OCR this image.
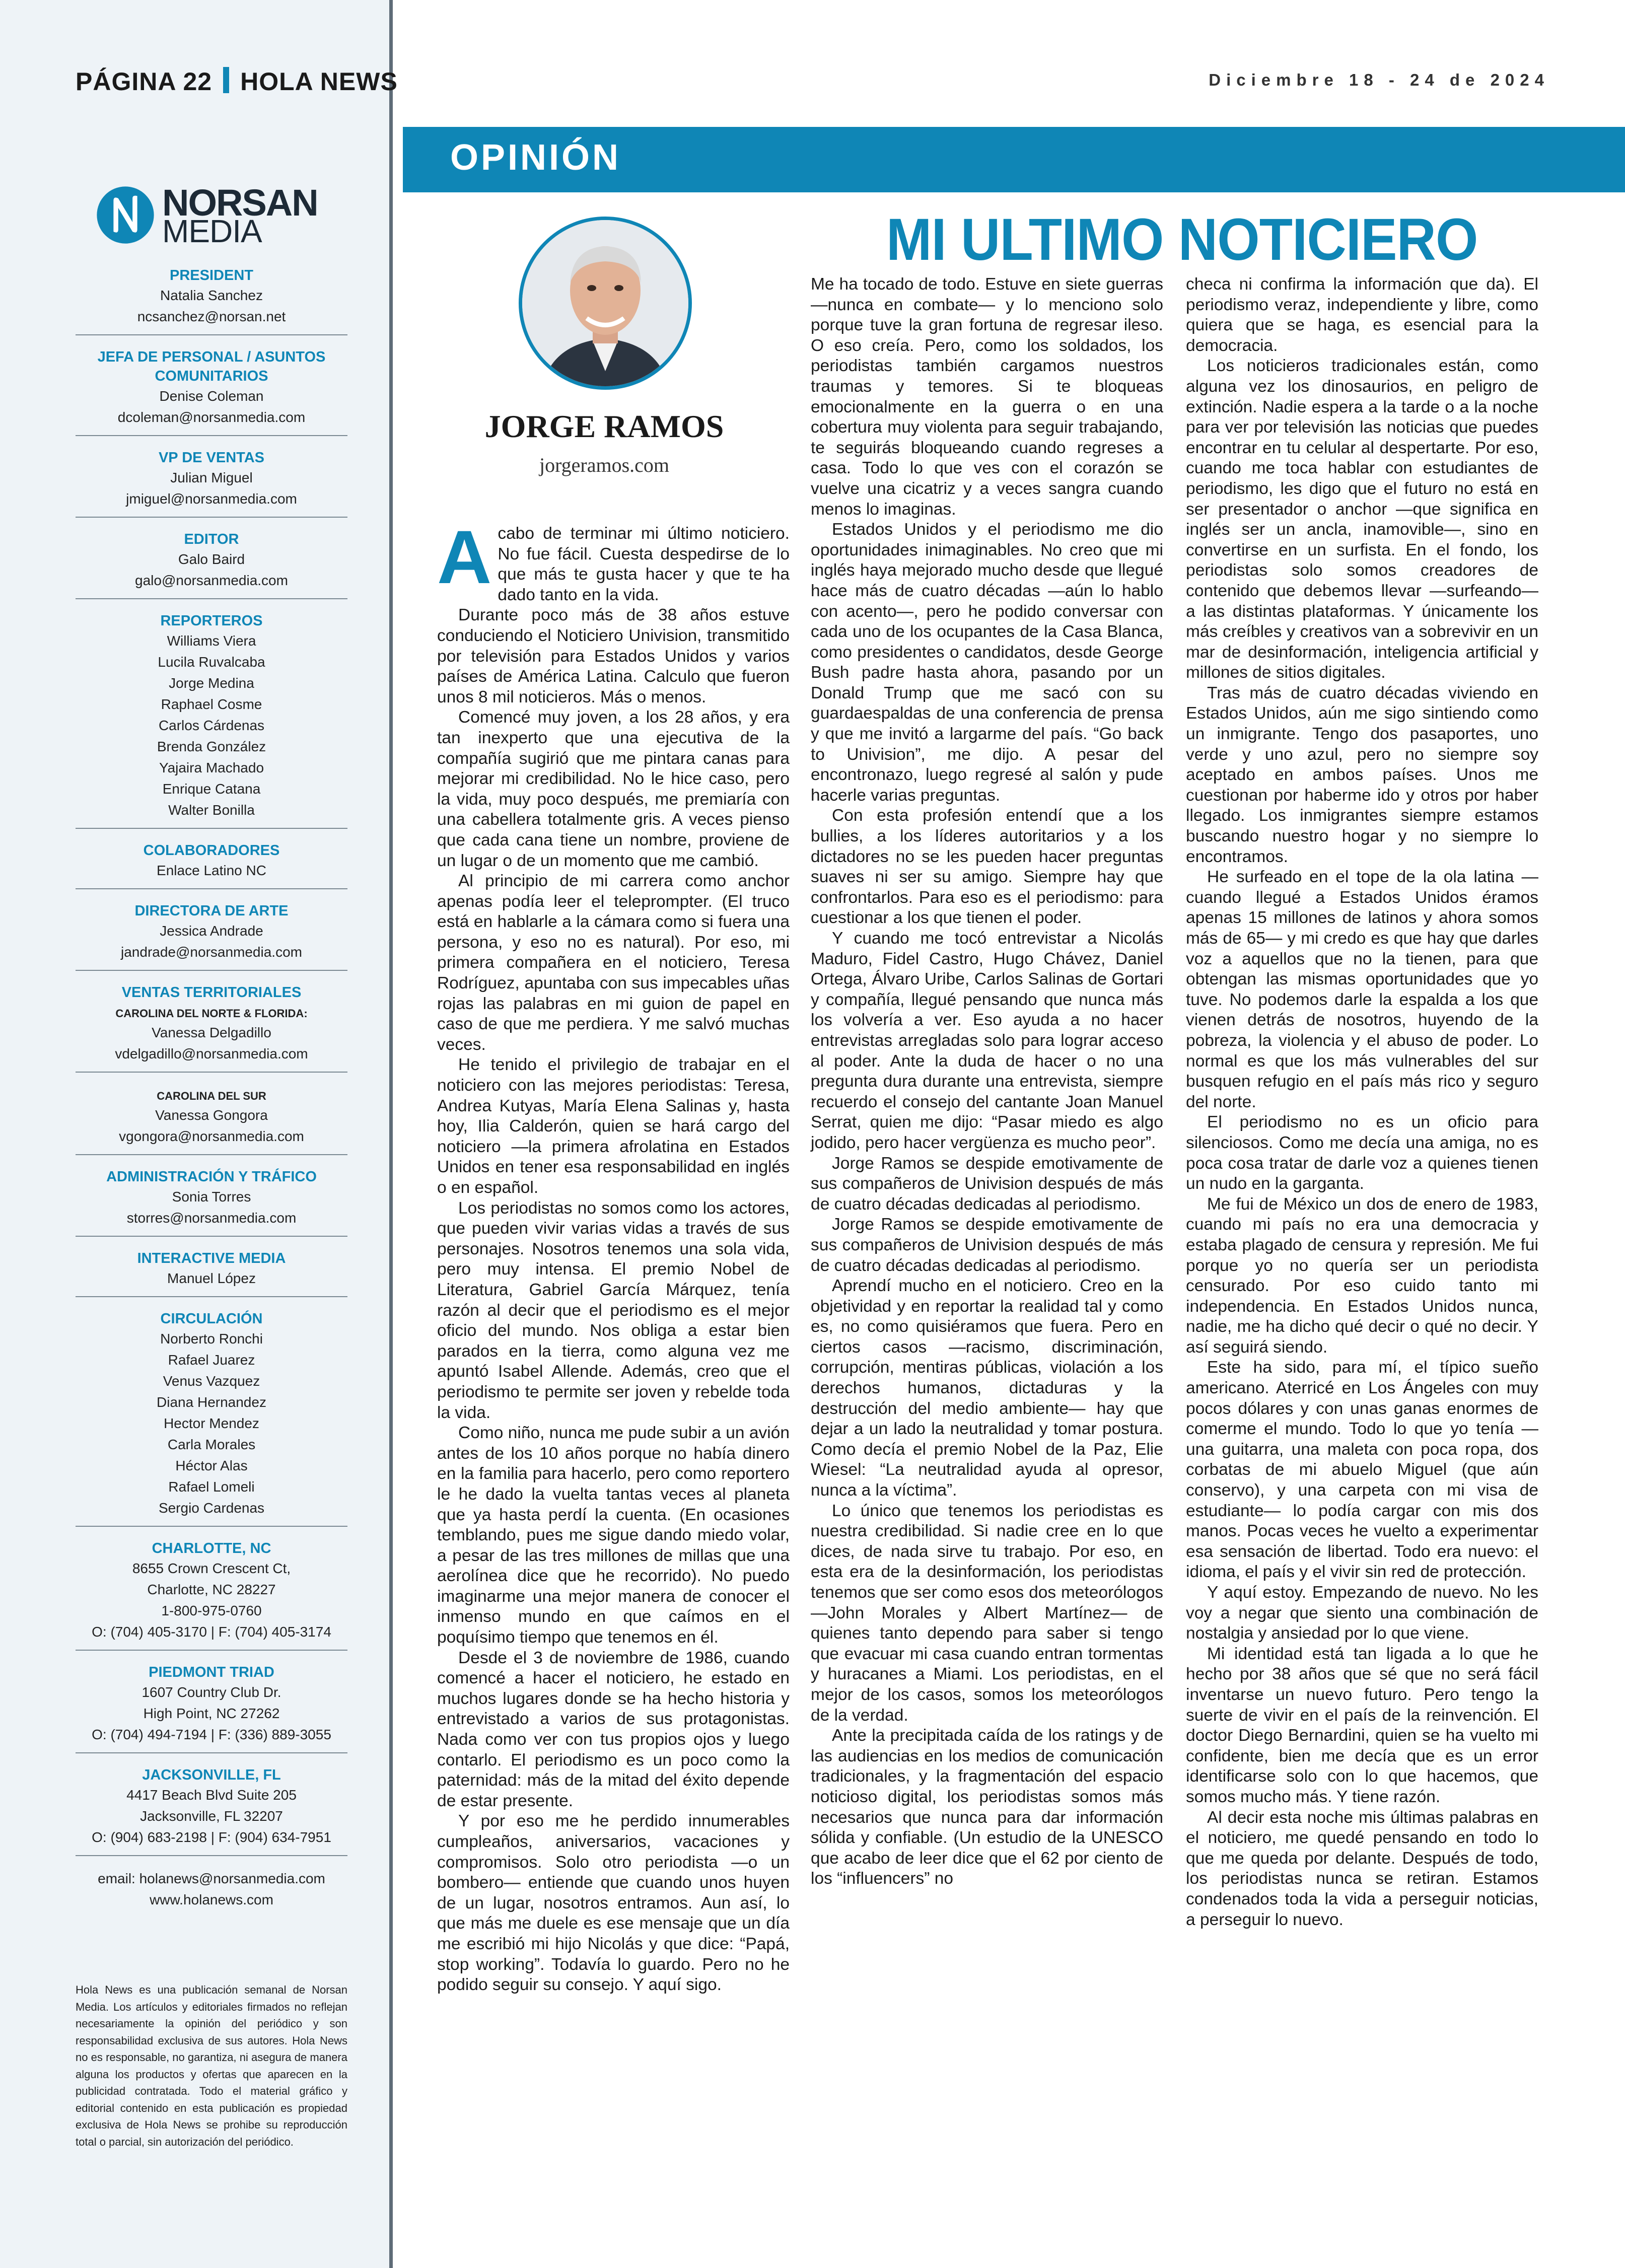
PÁGINA 22 HOLA NEWS
NORSAN
MEDIA
PRESIDENT
Natalia Sanchez
ncsanchez@norsan.net
JEFA DE PERSONAL / ASUNTOS COMUNITARIOS
Denise Coleman
dcoleman@norsanmedia.com
VP DE VENTAS
Julian Miguel
jmiguel@norsanmedia.com
EDITOR
Galo Baird
galo@norsanmedia.com
REPORTEROS
Williams Viera
Lucila Ruvalcaba
Jorge Medina
Raphael Cosme
Carlos Cárdenas
Brenda González
Yajaira Machado
Enrique Catana
Walter Bonilla
COLABORADORES
Enlace Latino NC
DIRECTORA DE ARTE
Jessica Andrade
jandrade@norsanmedia.com
VENTAS TERRITORIALES
CAROLINA DEL NORTE & FLORIDA:
Vanessa Delgadillo
vdelgadillo@norsanmedia.com
CAROLINA DEL SUR
Vanessa Gongora
vgongora@norsanmedia.com
ADMINISTRACIÓN Y TRÁFICO
Sonia Torres
storres@norsanmedia.com
INTERACTIVE MEDIA
Manuel López
CIRCULACIÓN
Norberto Ronchi
Rafael Juarez
Venus Vazquez
Diana Hernandez
Hector Mendez
Carla Morales
Héctor Alas
Rafael Lomeli
Sergio Cardenas
CHARLOTTE, NC
8655 Crown Crescent Ct,
Charlotte, NC 28227
1-800-975-0760
O: (704) 405-3170 | F: (704) 405-3174
PIEDMONT TRIAD
1607 Country Club Dr.
High Point, NC 27262
O: (704) 494-7194 | F: (336) 889-3055
JACKSONVILLE, FL
4417 Beach Blvd Suite 205
Jacksonville, FL 32207
O: (904) 683-2198 | F: (904) 634-7951
email: holanews@norsanmedia.com
www.holanews.com
Hola News es una publicación semanal de Norsan Media. Los artículos y editoriales firmados no reflejan necesariamente la opinión del periódico y son responsabilidad exclusiva de sus autores. Hola News no es responsable, no garantiza, ni asegura de manera alguna los productos y ofertas que aparecen en la publicidad contratada. Todo el material gráfico y editorial contenido en esta publicación es propiedad exclusiva de Hola News se prohibe su reproducción total o parcial, sin autorización del periódico.
Diciembre 18 - 24 de 2024
OPINIÓN
MI ULTIMO NOTICIERO
JORGE RAMOS
jorgeramos.com

Acabo de terminar mi último noticiero. No fue fácil. Cuesta despedirse de lo que más te gusta hacer y que te ha dado tanto en la vida.

Durante poco más de 38 años estuve conduciendo el Noticiero Univision, transmitido por televisión para Estados Unidos y varios países de América Latina. Calculo que fueron unos 8 mil noticieros. Más o menos.

Comencé muy joven, a los 28 años, y era tan inexperto que una ejecutiva de la compañía sugirió que me pintara canas para mejorar mi credibilidad. No le hice caso, pero la vida, muy poco después, me premiaría con una cabellera totalmente gris. A veces pienso que cada cana tiene un nombre, proviene de un lugar o de un momento que me cambió.

Al principio de mi carrera como anchor apenas podía leer el teleprompter. (El truco está en hablarle a la cámara como si fuera una persona, y eso no es natural). Por eso, mi primera compañera en el noticiero, Teresa Rodríguez, apuntaba con sus impecables uñas rojas las palabras en mi guion de papel en caso de que me perdiera. Y me salvó muchas veces.

He tenido el privilegio de trabajar en el noticiero con las mejores periodistas: Teresa, Andrea Kutyas, María Elena Salinas y, hasta hoy, Ilia Calderón, quien se hará cargo del noticiero —la primera afrolatina en Estados Unidos en tener esa responsabilidad en inglés o en español.

Los periodistas no somos como los actores, que pueden vivir varias vidas a través de sus personajes. Nosotros tenemos una sola vida, pero muy intensa. El premio Nobel de Literatura, Gabriel García Márquez, tenía razón al decir que el periodismo es el mejor oficio del mundo. Nos obliga a estar bien parados en la tierra, como alguna vez me apuntó Isabel Allende. Además, creo que el periodismo te permite ser joven y rebelde toda la vida.

Como niño, nunca me pude subir a un avión antes de los 10 años porque no había dinero en la familia para hacerlo, pero como reportero le he dado la vuelta tantas veces al planeta que ya hasta perdí la cuenta. (En ocasiones temblando, pues me sigue dando miedo volar, a pesar de las tres millones de millas que una aerolínea dice que he recorrido). No puedo imaginarme una mejor manera de conocer el inmenso mundo en que caímos en el poquísimo tiempo que tenemos en él.

Desde el 3 de noviembre de 1986, cuando comencé a hacer el noticiero, he estado en muchos lugares donde se ha hecho historia y entrevistado a varios de sus protagonistas. Nada como ver con tus propios ojos y luego contarlo. El periodismo es un poco como la paternidad: más de la mitad del éxito depende de estar presente.

Y por eso me he perdido innumerables cumpleaños, aniversarios, vacaciones y compromisos. Solo otro periodista —o un bombero— entiende que cuando unos huyen de un lugar, nosotros entramos. Aun así, lo que más me duele es ese mensaje que un día me escribió mi hijo Nicolás y que dice: “Papá, stop working”. Todavía lo guardo. Pero no he podido seguir su consejo. Y aquí sigo.

Me ha tocado de todo. Estuve en siete guerras —nunca en combate— y lo menciono solo porque tuve la gran fortuna de regresar ileso. O eso creía. Pero, como los soldados, los periodistas también cargamos nuestros traumas y temores. Si te bloqueas emocionalmente en la guerra o en una cobertura muy violenta para seguir trabajando, te seguirás bloqueando cuando regreses a casa. Todo lo que ves con el corazón se vuelve una cicatriz y a veces sangra cuando menos lo imaginas.

Estados Unidos y el periodismo me dio oportunidades inimaginables. No creo que mi inglés haya mejorado mucho desde que llegué hace más de cuatro décadas —aún lo hablo con acento—, pero he podido conversar con cada uno de los ocupantes de la Casa Blanca, como presidentes o candidatos, desde George Bush padre hasta ahora, pasando por un Donald Trump que me sacó con su guardaespaldas de una conferencia de prensa y que me invitó a largarme del país. “Go back to Univision”, me dijo. A pesar del encontronazo, luego regresé al salón y pude hacerle varias preguntas.

Con esta profesión entendí que a los bullies, a los líderes autoritarios y a los dictadores no se les pueden hacer preguntas suaves ni ser su amigo. Siempre hay que confrontarlos. Para eso es el periodismo: para cuestionar a los que tienen el poder.

Y cuando me tocó entrevistar a Nicolás Maduro, Fidel Castro, Hugo Chávez, Daniel Ortega, Álvaro Uribe, Carlos Salinas de Gortari y compañía, llegué pensando que nunca más los volvería a ver. Eso ayuda a no hacer entrevistas arregladas solo para lograr acceso al poder. Ante la duda de hacer o no una pregunta dura durante una entrevista, siempre recuerdo el consejo del cantante Joan Manuel Serrat, quien me dijo: “Pasar miedo es algo jodido, pero hacer vergüenza es mucho peor”.

Jorge Ramos se despide emotivamente de sus compañeros de Univision después de más de cuatro décadas dedicadas al periodismo.

Jorge Ramos se despide emotivamente de sus compañeros de Univision después de más de cuatro décadas dedicadas al periodismo.

Aprendí mucho en el noticiero. Creo en la objetividad y en reportar la realidad tal y como es, no como quisiéramos que fuera. Pero en ciertos casos —racismo, discriminación, corrupción, mentiras públicas, violación a los derechos humanos, dictaduras y la destrucción del medio ambiente— hay que dejar a un lado la neutralidad y tomar postura. Como decía el premio Nobel de la Paz, Elie Wiesel: “La neutralidad ayuda al opresor, nunca a la víctima”.

Lo único que tenemos los periodistas es nuestra credibilidad. Si nadie cree en lo que dices, de nada sirve tu trabajo. Por eso, en esta era de la desinformación, los periodistas tenemos que ser como esos dos meteorólogos —John Morales y Albert Martínez— de quienes tanto dependo para saber si tengo que evacuar mi casa cuando entran tormentas y huracanes a Miami. Los periodistas, en el mejor de los casos, somos los meteorólogos de la verdad.

Ante la precipitada caída de los ratings y de las audiencias en los medios de comunicación tradicionales, y la fragmentación del espacio noticioso digital, los periodistas somos más necesarios que nunca para dar información sólida y confiable. (Un estudio de la UNESCO que acabo de leer dice que el 62 por ciento de los “influencers” no

checa ni confirma la información que da). El periodismo veraz, independiente y libre, como quiera que se haga, es esencial para la democracia.

Los noticieros tradicionales están, como alguna vez los dinosaurios, en peligro de extinción. Nadie espera a la tarde o a la noche para ver por televisión las noticias que puedes encontrar en tu celular al despertarte. Por eso, cuando me toca hablar con estudiantes de periodismo, les digo que el futuro no está en ser presentador o anchor —que significa en inglés ser un ancla, inamovible—, sino en convertirse en un surfista. En el fondo, los periodistas solo somos creadores de contenido que debemos llevar —surfeando— a las distintas plataformas. Y únicamente los más creíbles y creativos van a sobrevivir en un mar de desinformación, inteligencia artificial y millones de sitios digitales.

Tras más de cuatro décadas viviendo en Estados Unidos, aún me sigo sintiendo como un inmigrante. Tengo dos pasaportes, uno verde y uno azul, pero no siempre soy aceptado en ambos países. Unos me cuestionan por haberme ido y otros por haber llegado. Los inmigrantes siempre estamos buscando nuestro hogar y no siempre lo encontramos.

He surfeado en el tope de la ola latina —cuando llegué a Estados Unidos éramos apenas 15 millones de latinos y ahora somos más de 65— y mi credo es que hay que darles voz a aquellos que no la tienen, para que obtengan las mismas oportunidades que yo tuve. No podemos darle la espalda a los que vienen detrás de nosotros, huyendo de la pobreza, la violencia y el abuso de poder. Lo normal es que los más vulnerables del sur busquen refugio en el país más rico y seguro del norte.

El periodismo no es un oficio para silenciosos. Como me decía una amiga, no es poca cosa tratar de darle voz a quienes tienen un nudo en la garganta.

Me fui de México un dos de enero de 1983, cuando mi país no era una democracia y estaba plagado de censura y represión. Me fui porque yo no quería ser un periodista censurado. Por eso cuido tanto mi independencia. En Estados Unidos nunca, nadie, me ha dicho qué decir o qué no decir. Y así seguirá siendo.

Este ha sido, para mí, el típico sueño americano. Aterricé en Los Ángeles con muy pocos dólares y con unas ganas enormes de comerme el mundo. Todo lo que yo tenía —una guitarra, una maleta con poca ropa, dos corbatas de mi abuelo Miguel (que aún conservo), y una carpeta con mi visa de estudiante— lo podía cargar con mis dos manos. Pocas veces he vuelto a experimentar esa sensación de libertad. Todo era nuevo: el idioma, el país y el vivir sin red de protección.

Y aquí estoy. Empezando de nuevo. No les voy a negar que siento una combinación de nostalgia y ansiedad por lo que viene.

Mi identidad está tan ligada a lo que he hecho por 38 años que sé que no será fácil inventarse un nuevo futuro. Pero tengo la suerte de vivir en el país de la reinvención. El doctor Diego Bernardini, quien se ha vuelto mi confidente, bien me decía que es un error identificarse solo con lo que hacemos, que somos mucho más. Y tiene razón.

Al decir esta noche mis últimas palabras en el noticiero, me quedé pensando en todo lo que me queda por delante. Después de todo, los periodistas nunca se retiran. Estamos condenados toda la vida a perseguir noticias, a perseguir lo nuevo.
